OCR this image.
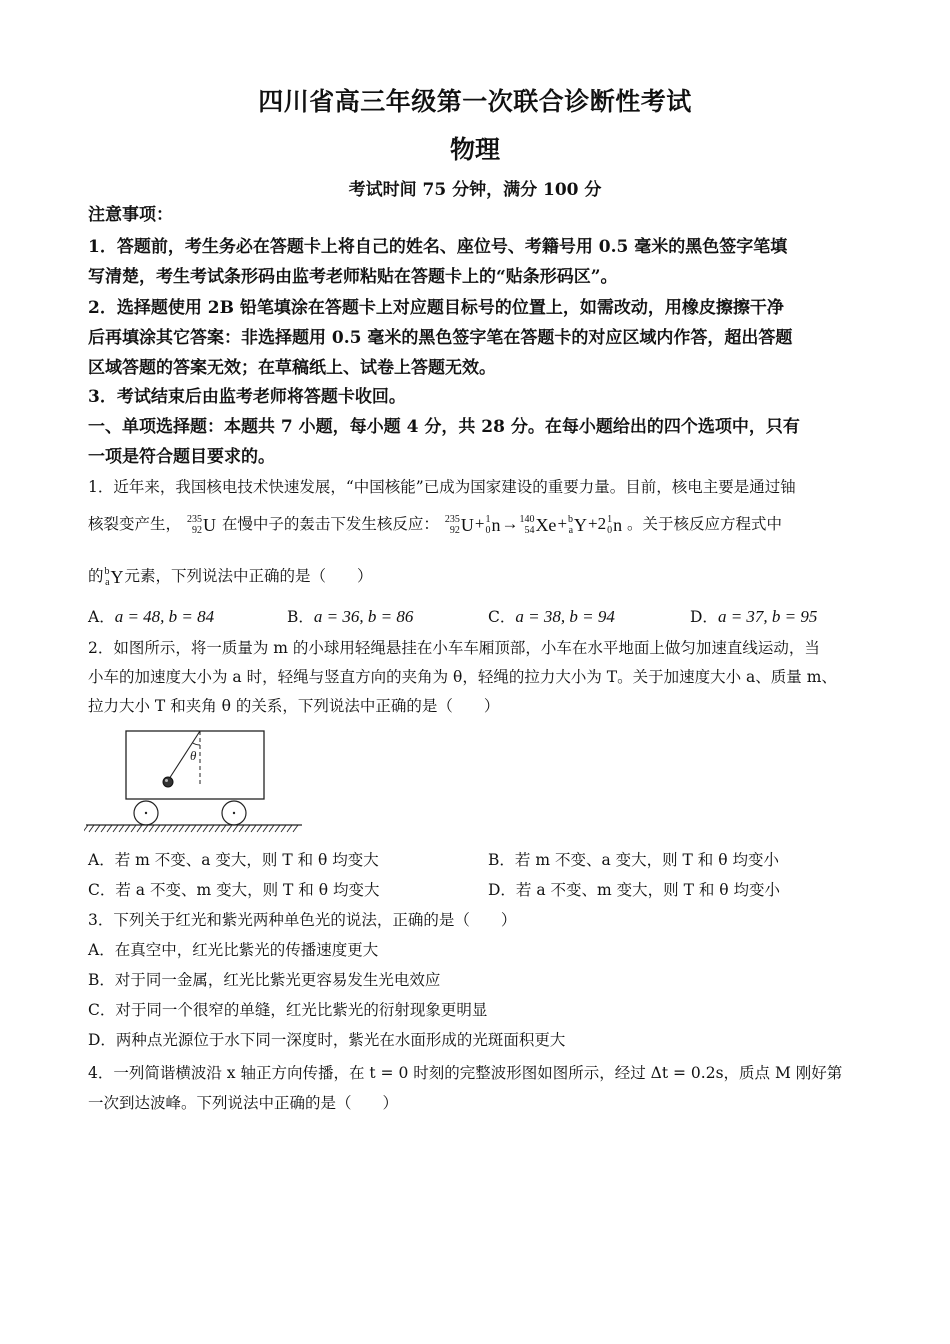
四川省高三年级第一次联合诊断性考试
物理
考试时间 75 分钟，满分 100 分
注意事项：
1．答题前，考生务必在答题卡上将自己的姓名、座位号、考籍号用 0.5 毫米的黑色签字笔填
写清楚，考生考试条形码由监考老师粘贴在答题卡上的“贴条形码区”。
2．选择题使用 2B 铅笔填涂在答题卡上对应题目标号的位置上，如需改动，用橡皮擦擦干净
后再填涂其它答案：非选择题用 0.5 毫米的黑色签字笔在答题卡的对应区域内作答，超出答题
区域答题的答案无效；在草稿纸上、试卷上答题无效。
3．考试结束后由监考老师将答题卡收回。
一、单项选择题：本题共 7 小题，每小题 4 分，共 28 分。在每小题给出的四个选项中，只有
一项是符合题目要求的。
1．近年来，我国核电技术快速发展，“中国核能”已成为国家建设的重要力量。目前，核电主要是通过铀
核裂变产生， 235
92 U 在慢中子的轰击下发生核反应： 235
92 U+ 1
0 n→ 140
54 Xe+ b
a Y+2 1
0 n 。关于核反应方程式中
的 b
a Y元素，下列说法中正确的是（　　）
A．a = 48, b = 84	B．a = 36, b = 86	C．a = 38, b = 94	D．a = 37, b = 95
2．如图所示，将一质量为 m 的小球用轻绳悬挂在小车车厢顶部，小车在水平地面上做匀加速直线运动，当
小车的加速度大小为 a 时，轻绳与竖直方向的夹角为 θ，轻绳的拉力大小为 T。关于加速度大小 a、质量 m、
拉力大小 T 和夹角 θ 的关系，下列说法中正确的是（　　）
θ
A．若 m 不变、a 变大，则 T 和 θ 均变大	B．若 m 不变、a 变大，则 T 和 θ 均变小
C．若 a 不变、m 变大，则 T 和 θ 均变大	D．若 a 不变、m 变大，则 T 和 θ 均变小
3．下列关于红光和紫光两种单色光的说法，正确的是（　　）
A．在真空中，红光比紫光的传播速度更大
B．对于同一金属，红光比紫光更容易发生光电效应
C．对于同一个很窄的单缝，红光比紫光的衍射现象更明显
D．两种点光源位于水下同一深度时，紫光在水面形成的光斑面积更大
4．一列简谐横波沿 x 轴正方向传播，在 t = 0 时刻的完整波形图如图所示，经过 Δt = 0.2s，质点 M 刚好第
一次到达波峰。下列说法中正确的是（　　）
